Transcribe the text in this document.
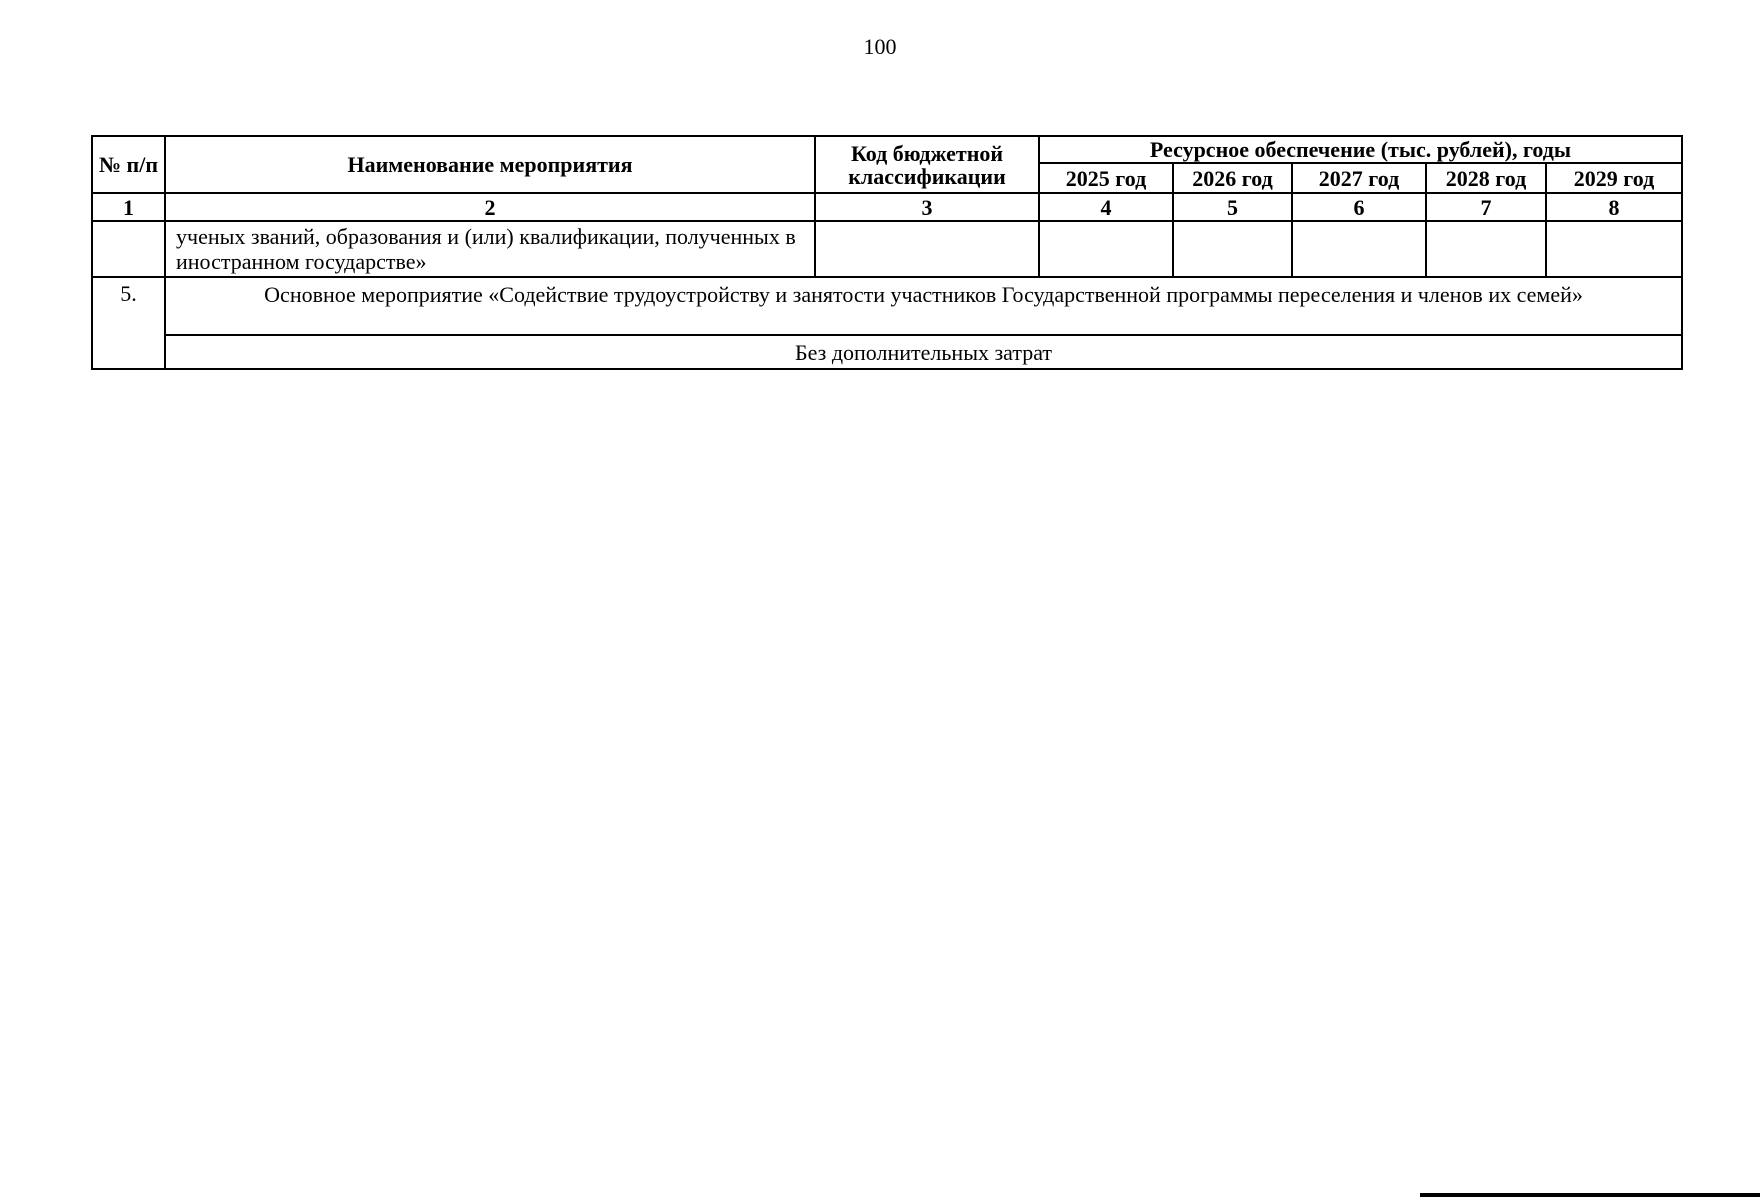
100
№ п/п	Наименование мероприятия	Код бюджетной классификации	Ресурсное обеспечение (тыс. рублей), годы				
			2025 год	2026 год	2027 год	2028 год	2029 год
1	2	3	4	5	6	7	8
	ученых званий, образования и (или) квалификации, полученных в иностранном государстве»						
5.	Основное мероприятие «Содействие трудоустройству и занятости участников Государственной программы переселения и членов их семей»						
	Без дополнительных затрат						
